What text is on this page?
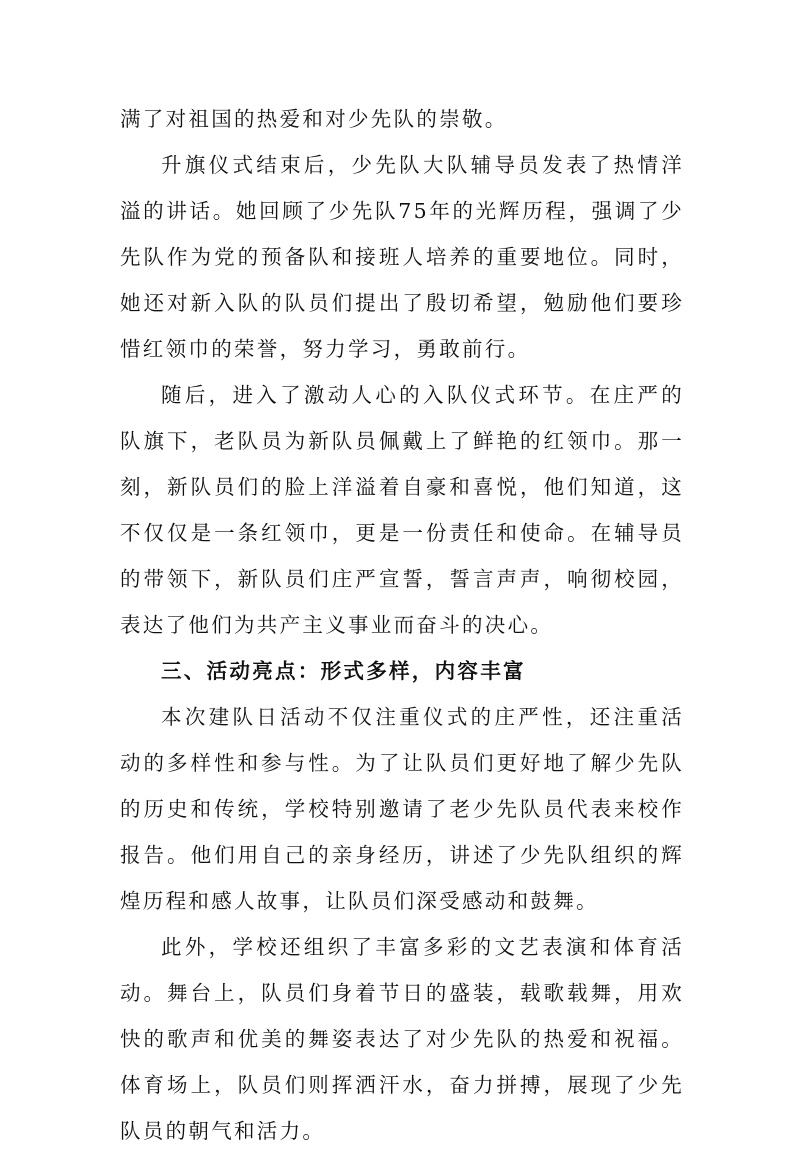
满了对祖国的热爱和对少先队的崇敬。

升旗仪式结束后，少先队大队辅导员发表了热情洋溢的讲话。她回顾了少先队75年的光辉历程，强调了少先队作为党的预备队和接班人培养的重要地位。同时，她还对新入队的队员们提出了殷切希望，勉励他们要珍惜红领巾的荣誉，努力学习，勇敢前行。

随后，进入了激动人心的入队仪式环节。在庄严的队旗下，老队员为新队员佩戴上了鲜艳的红领巾。那一刻，新队员们的脸上洋溢着自豪和喜悦，他们知道，这不仅仅是一条红领巾，更是一份责任和使命。在辅导员的带领下，新队员们庄严宣誓，誓言声声，响彻校园，表达了他们为共产主义事业而奋斗的决心。

三、活动亮点：形式多样，内容丰富

本次建队日活动不仅注重仪式的庄严性，还注重活动的多样性和参与性。为了让队员们更好地了解少先队的历史和传统，学校特别邀请了老少先队员代表来校作报告。他们用自己的亲身经历，讲述了少先队组织的辉煌历程和感人故事，让队员们深受感动和鼓舞。

此外，学校还组织了丰富多彩的文艺表演和体育活动。舞台上，队员们身着节日的盛装，载歌载舞，用欢快的歌声和优美的舞姿表达了对少先队的热爱和祝福。体育场上，队员们则挥洒汗水，奋力拼搏，展现了少先队员的朝气和活力。
